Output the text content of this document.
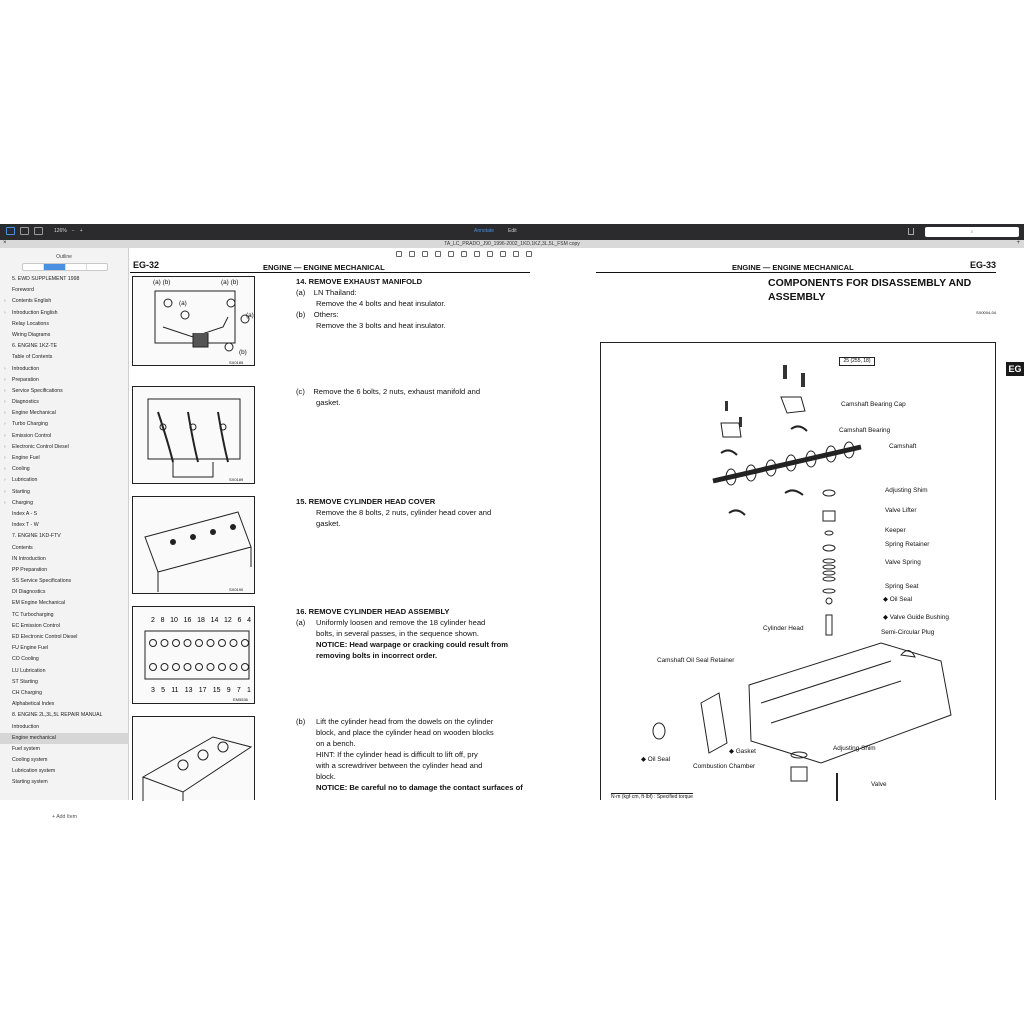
126% − +	Annotate	Edit	⌕
×	TA_LC_PRADO_J90_1996-2002_1KD,1KZ,3L,5L_FSM copy	+
Outline
5. EWD SUPPLEMENT 1998
Foreword
› Contents English
› Introduction English
Relay Locations
Wiring Diagrams
6. ENGINE 1KZ-TE
Table of Contents
› Introduction
› Preparation
› Service Specifications
› Diagnostics
› Engine Mechanical
› Turbo Charging
› Emission Control
› Electronic Control Diesel
› Engine Fuel
› Cooling
› Lubrication
› Starting
› Charging
Index A - S
Index T - W
7. ENGINE 1KD-FTV
Contents
IN Introduction
PP Preparation
SS Service Specifications
DI Diagnostics
EM Engine Mechanical
TC Turbocharging
EC Emission Control
ED Electronic Control Diesel
FU Engine Fuel
CO Cooling
LU Lubrication
ST Starting
CH Charging
Alphabetical Index
8. ENGINE 2L,3L,5L REPAIR MANUAL
Introduction
Engine mechanical
Fuel system
Cooling system
Lubrication system
Starting system
+ Add Item
EG-32	ENGINE — ENGINE MECHANICAL
(a) (b)	(a) (b)
(a)
(a)
(b)
SX0185
14. REMOVE EXHAUST MANIFOLD
(a) LN Thailand:
Remove the 4 bolts and heat insulator.
(b) Others:
Remove the 3 bolts and heat insulator.
SX0189
(c) Remove the 6 bolts, 2 nuts, exhaust manifold and
gasket.
SX0190
15. REMOVE CYLINDER HEAD COVER
Remove the 8 bolts, 2 nuts, cylinder head cover and
gasket.
2 8 10 16 18 14 12 6 4
3 5 11 13 17 15 9 7 1
EM5536
16. REMOVE CYLINDER HEAD ASSEMBLY
(a) Uniformly loosen and remove the 18 cylinder head
bolts, in several passes, in the sequence shown.
NOTICE: Head warpage or cracking could result from
removing bolts in incorrect order.
(b) Lift the cylinder head from the dowels on the cylinder
block, and place the cylinder head on wooden blocks
on a bench.
HINT: If the cylinder head is difficult to lift off, pry
with a screwdriver between the cylinder head and
block.
NOTICE: Be careful no to damage the contact surfaces of
ENGINE — ENGINE MECHANICAL	EG-33
COMPONENTS FOR DISASSEMBLY AND
ASSEMBLY
SX0004-04
25 (255, 18)
Camshaft Bearing Cap
Camshaft Bearing
Camshaft
Adjusting Shim
Valve Lifter
Keeper
Spring Retainer
Valve Spring
Spring Seat
◆ Oil Seal
◆ Valve Guide Bushing
Cylinder Head
Semi-Circular Plug
Camshaft Oil Seal Retainer
◆ Gasket	Adjusting Shim
◆ Oil Seal
Combustion Chamber
Valve
N·m (kgf·cm, ft·lbf) : Specified torque
EG
